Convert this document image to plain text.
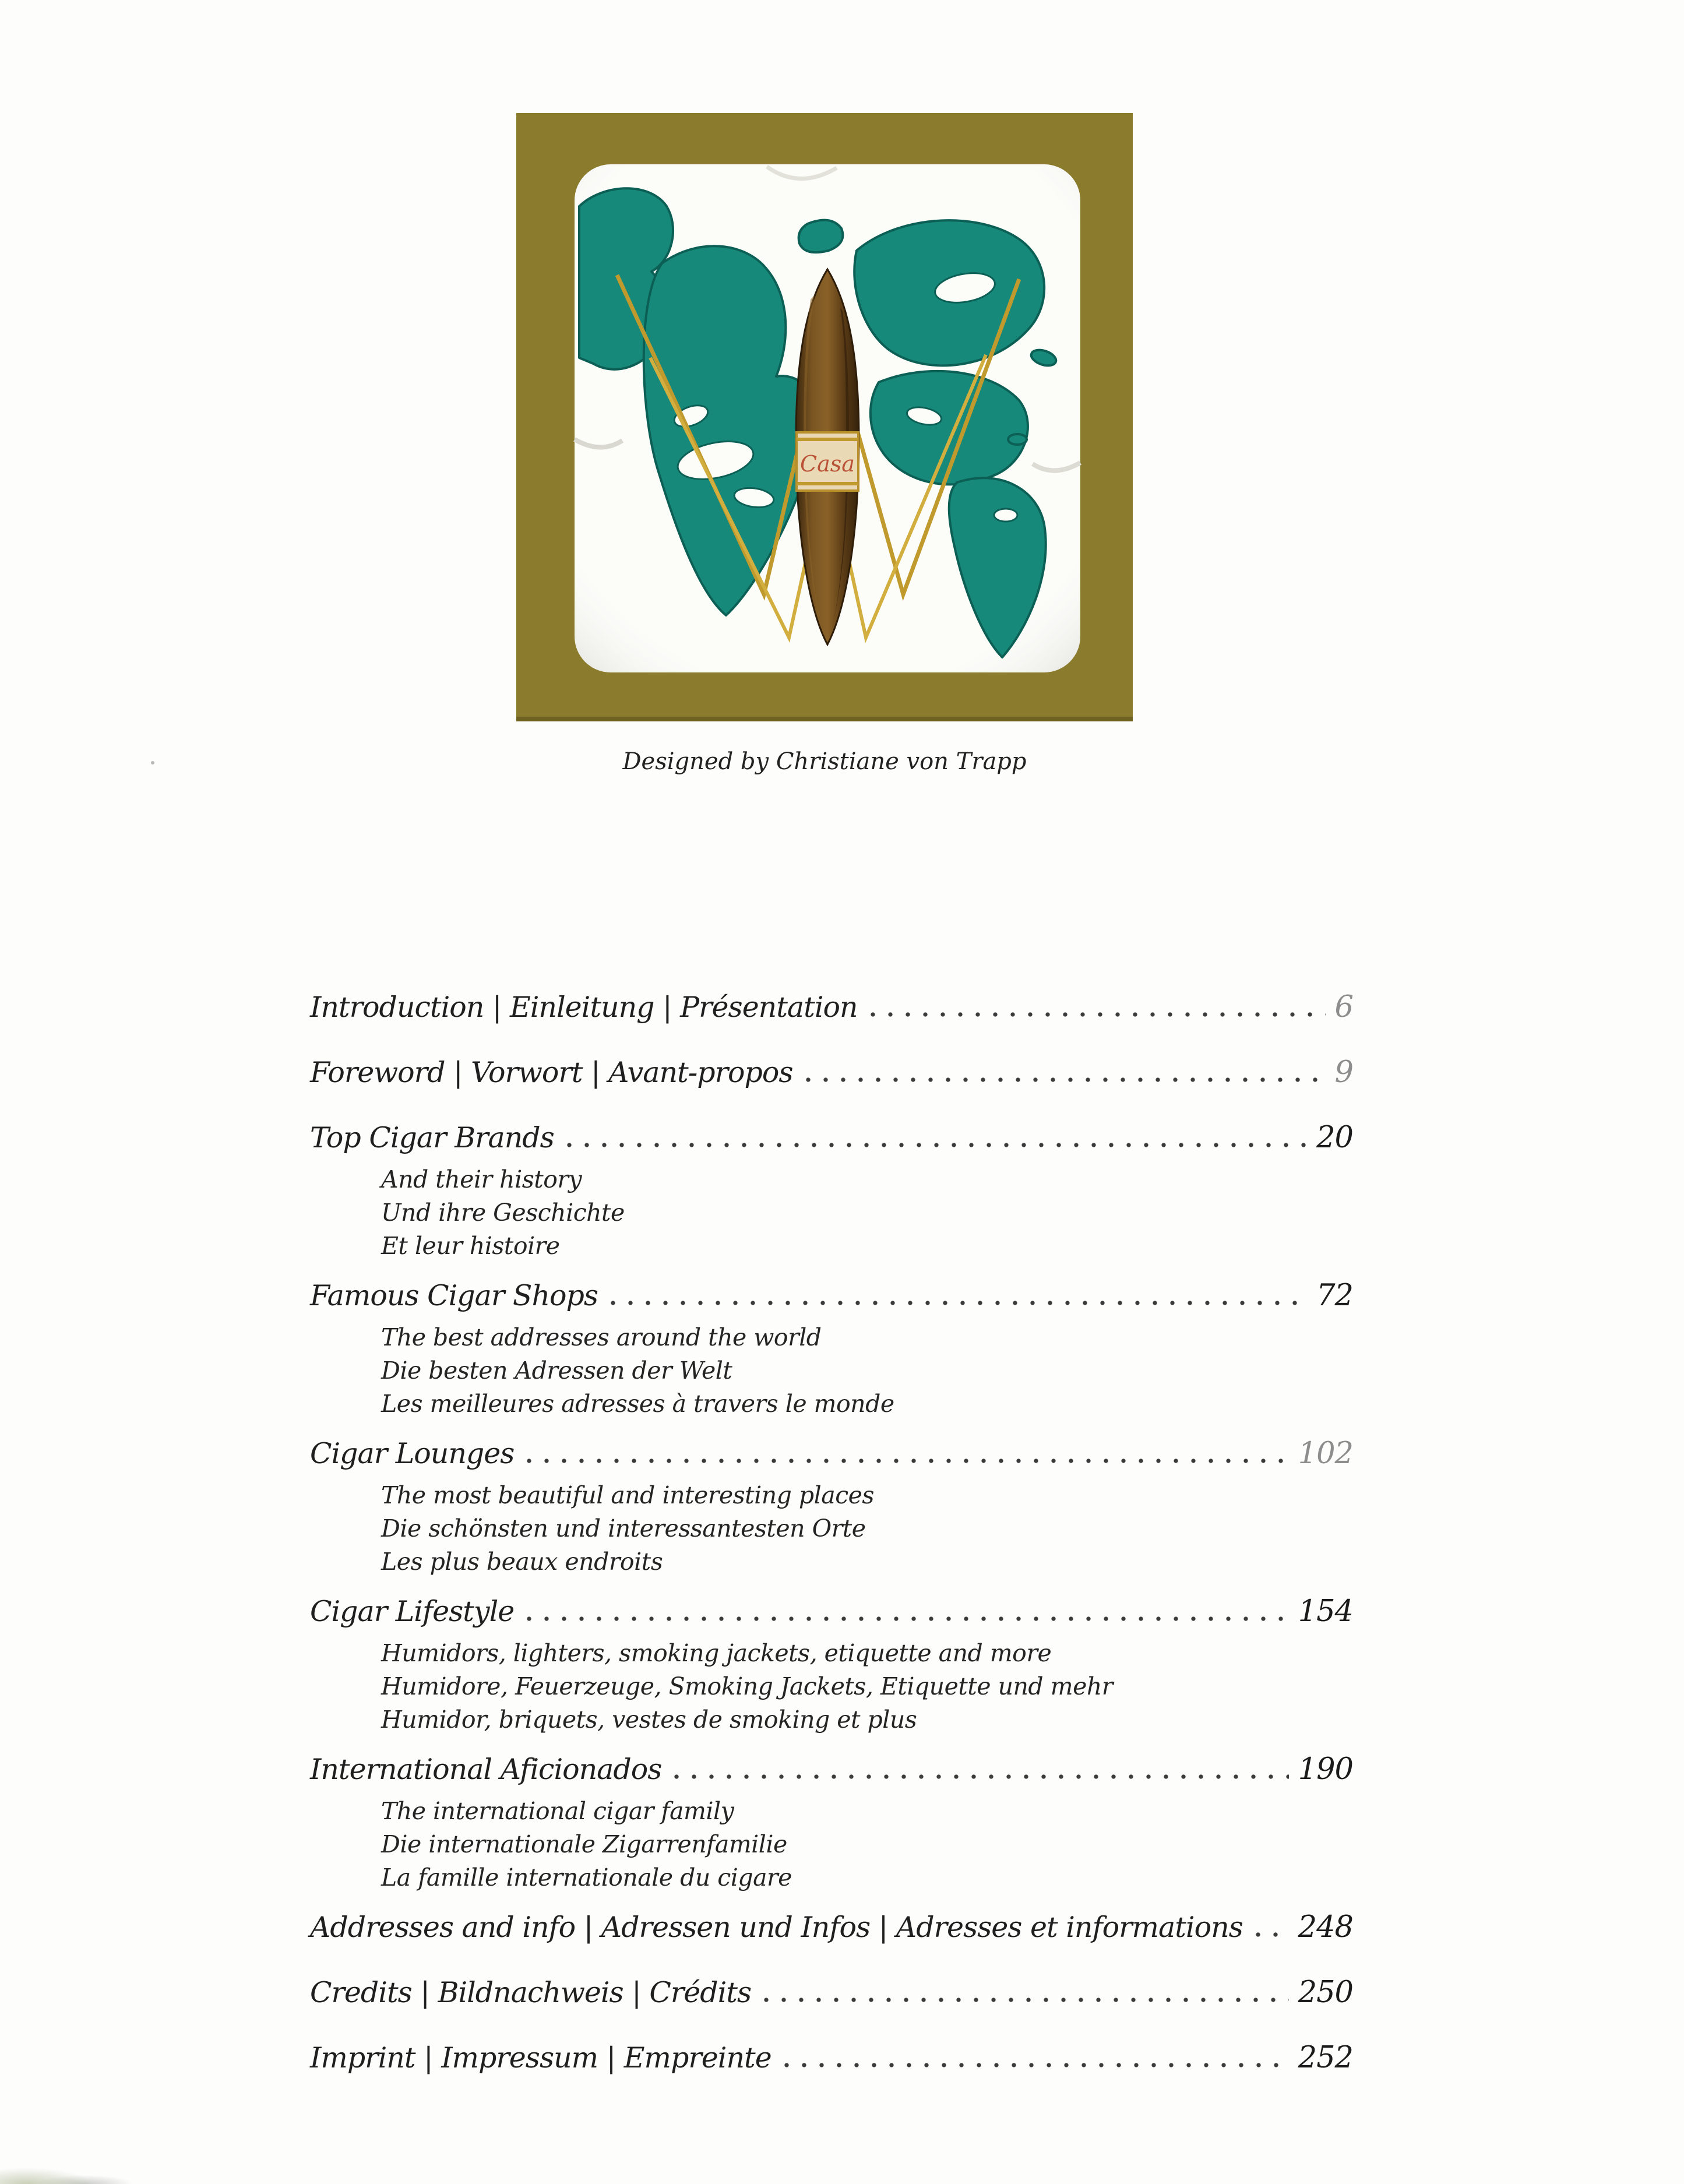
Casa
Designed by Christiane von Trapp
Introduction | Einleitung | Présentation	6
Foreword | Vorwort | Avant-propos	9
Top Cigar Brands	20
And their history
Und ihre Geschichte
Et leur histoire
Famous Cigar Shops	72
The best addresses around the world
Die besten Adressen der Welt
Les meilleures adresses à travers le monde
Cigar Lounges	102
The most beautiful and interesting places
Die schönsten und interessantesten Orte
Les plus beaux endroits
Cigar Lifestyle	154
Humidors, lighters, smoking jackets, etiquette and more
Humidore, Feuerzeuge, Smoking Jackets, Etiquette und mehr
Humidor, briquets, vestes de smoking et plus
International Aficionados	190
The international cigar family
Die internationale Zigarrenfamilie
La famille internationale du cigare
Addresses and info | Adressen und Infos | Adresses et informations 248
Credits | Bildnachweis | Crédits	250
Imprint | Impressum | Empreinte	252
